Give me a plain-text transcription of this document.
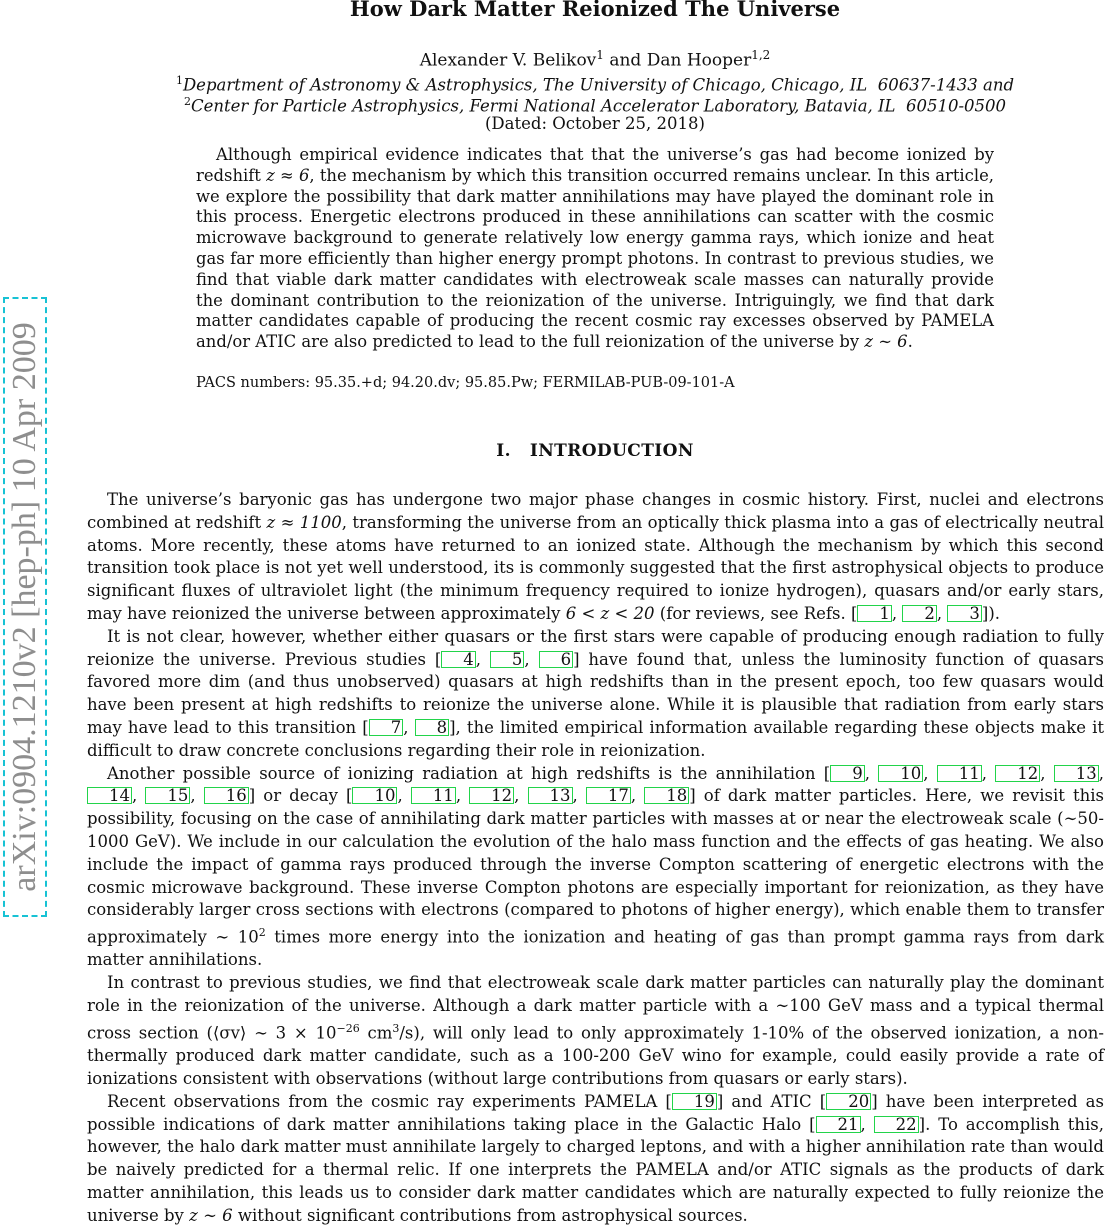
arXiv:0904.1210v2 [hep-ph] 10 Apr 2009
How Dark Matter Reionized The Universe
Alexander V. Belikov$^1$ and Dan Hooper$^{1,2}$
$^1$Department of Astronomy & Astrophysics, The University of Chicago, Chicago, IL  60637-1433 and
$^2$Center for Particle Astrophysics, Fermi National Accelerator Laboratory, Batavia, IL  60510-0500
(Dated: October 25, 2018)

Although empirical evidence indicates that that the universe’s gas had become ionized by redshift z ≈ 6, the mechanism by which this transition occurred remains unclear. In this article, we explore the possibility that dark matter annihilations may have played the dominant role in this process. Energetic electrons produced in these annihilations can scatter with the cosmic microwave background to generate relatively low energy gamma rays, which ionize and heat gas far more efficiently than higher energy prompt photons. In contrast to previous studies, we find that viable dark matter candidates with electroweak scale masses can naturally provide the dominant contribution to the reionization of the universe. Intriguingly, we find that dark matter candidates capable of producing the recent cosmic ray excesses observed by PAMELA and/or ATIC are also predicted to lead to the full reionization of the universe by z ∼ 6.

PACS numbers: 95.35.+d; 94.20.dv; 95.85.Pw; FERMILAB-PUB-09-101-A
I.   INTRODUCTION

The universe’s baryonic gas has undergone two major phase changes in cosmic history. First, nuclei and electrons combined at redshift z ≈ 1100, transforming the universe from an optically thick plasma into a gas of electrically neutral atoms. More recently, these atoms have returned to an ionized state. Although the mechanism by which this second transition took place is not yet well understood, its is commonly suggested that the first astrophysical objects to produce significant fluxes of ultraviolet light (the minimum frequency required to ionize hydrogen), quasars and/or early stars, may have reionized the universe between approximately 6 < z < 20 (for reviews, see Refs. [ 1 , 2 , 3 ]).

It is not clear, however, whether either quasars or the first stars were capable of producing enough radiation to fully reionize the universe. Previous studies [ 4 , 5 , 6 ] have found that, unless the luminosity function of quasars favored more dim (and thus unobserved) quasars at high redshifts than in the present epoch, too few quasars would have been present at high redshifts to reionize the universe alone. While it is plausible that radiation from early stars may have lead to this transition [ 7 , 8 ], the limited empirical information available regarding these objects make it difficult to draw concrete conclusions regarding their role in reionization.

Another possible source of ionizing radiation at high redshifts is the annihilation [ 9 , 10 , 11 , 12 , 13 , 14 , 15 , 16 ] or decay [ 10 , 11 , 12 , 13 , 17 , 18 ] of dark matter particles. Here, we revisit this possibility, focusing on the case of annihilating dark matter particles with masses at or near the electroweak scale (∼50-1000 GeV). We include in our calculation the evolution of the halo mass function and the effects of gas heating. We also include the impact of gamma rays produced through the inverse Compton scattering of energetic electrons with the cosmic microwave background. These inverse Compton photons are especially important for reionization, as they have considerably larger cross sections with electrons (compared to photons of higher energy), which enable them to transfer approximately ∼ $10^2$ times more energy into the ionization and heating of gas than prompt gamma rays from dark matter annihilations.

In contrast to previous studies, we find that electroweak scale dark matter particles can naturally play the dominant role in the reionization of the universe. Although a dark matter particle with a ∼100 GeV mass and a typical thermal cross section (⟨σv⟩ ∼ $3 \times 10^{-26}$ $cm^3/s$), will only lead to only approximately 1-10% of the observed ionization, a non-thermally produced dark matter candidate, such as a 100-200 GeV wino for example, could easily provide a rate of ionizations consistent with observations (without large contributions from quasars or early stars).

Recent observations from the cosmic ray experiments PAMELA [ 19 ] and ATIC [ 20 ] have been interpreted as possible indications of dark matter annihilations taking place in the Galactic Halo [ 21 , 22 ]. To accomplish this, however, the halo dark matter must annihilate largely to charged leptons, and with a higher annihilation rate than would be naively predicted for a thermal relic. If one interprets the PAMELA and/or ATIC signals as the products of dark matter annihilation, this leads us to consider dark matter candidates which are naturally expected to fully reionize the universe by z ∼ 6 without significant contributions from astrophysical sources.
